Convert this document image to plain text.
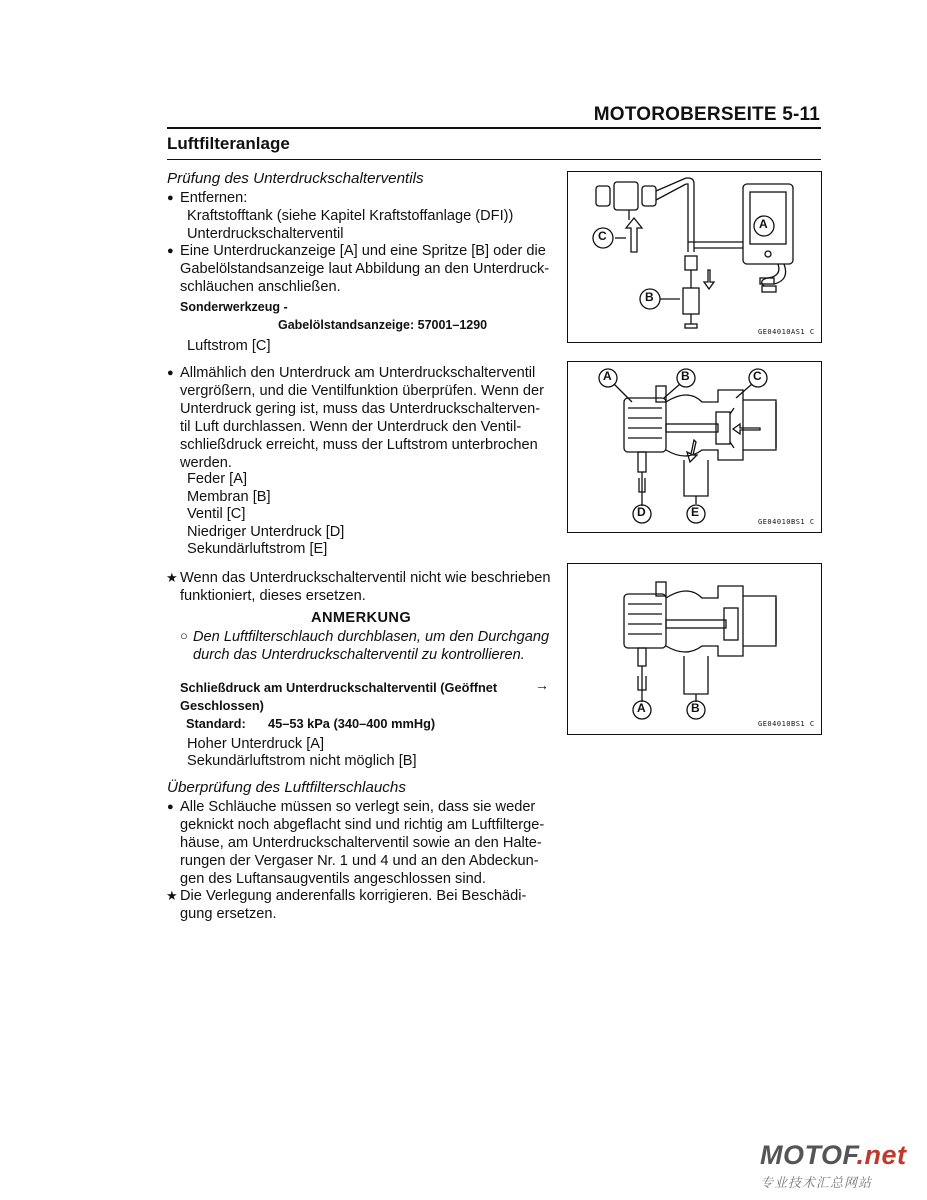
MOTOROBERSEITE 5-11
Luftfilteranlage
Prüfung des Unterdruckschalterventils
● Entfernen:
Kraftstofftank (siehe Kapitel Kraftstoffanlage (DFI))
Unterdruckschalterventil
● Eine Unterdruckanzeige [A] und eine Spritze [B] oder die
Gabelölstandsanzeige laut Abbildung an den Unterdruck-
schläuchen anschließen.
Sonderwerkzeug -
Gabelölstandsanzeige: 57001–1290
Luftstrom [C]
● Allmählich den Unterdruck am Unterdruckschalterventil
vergrößern, und die Ventilfunktion überprüfen. Wenn der
Unterdruck gering ist, muss das Unterdruckschalterven-
til Luft durchlassen. Wenn der Unterdruck den Ventil-
schließdruck erreicht, muss der Luftstrom unterbrochen
werden.
Feder [A]
Membran [B]
Ventil [C]
Niedriger Unterdruck [D]
Sekundärluftstrom [E]
★ Wenn das Unterdruckschalterventil nicht wie beschrieben
funktioniert, dieses ersetzen.
ANMERKUNG
○ Den Luftfilterschlauch durchblasen, um den Durchgang
durch das Unterdruckschalterventil zu kontrollieren.
Schließdruck am Unterdruckschalterventil (Geöffnet	→
Geschlossen)
Standard: 45–53 kPa (340–400 mmHg)
Hoher Unterdruck [A]
Sekundärluftstrom nicht möglich [B]
Überprüfung des Luftfilterschlauchs
● Alle Schläuche müssen so verlegt sein, dass sie weder
geknickt noch abgeflacht sind und richtig am Luftfilterge-
häuse, am Unterdruckschalterventil sowie an den Halte-
rungen der Vergaser Nr. 1 und 4 und an den Abdeckun-
gen des Luftansaugventils angeschlossen sind.
★ Die Verlegung anderenfalls korrigieren. Bei Beschädi-
gung ersetzen.
C
A
B
GE04010AS1 C
A	B	C
D	E
GE04010BS1 C
A	B
GE04010BS1 C
MOTOF.net
专业技术汇总网站
